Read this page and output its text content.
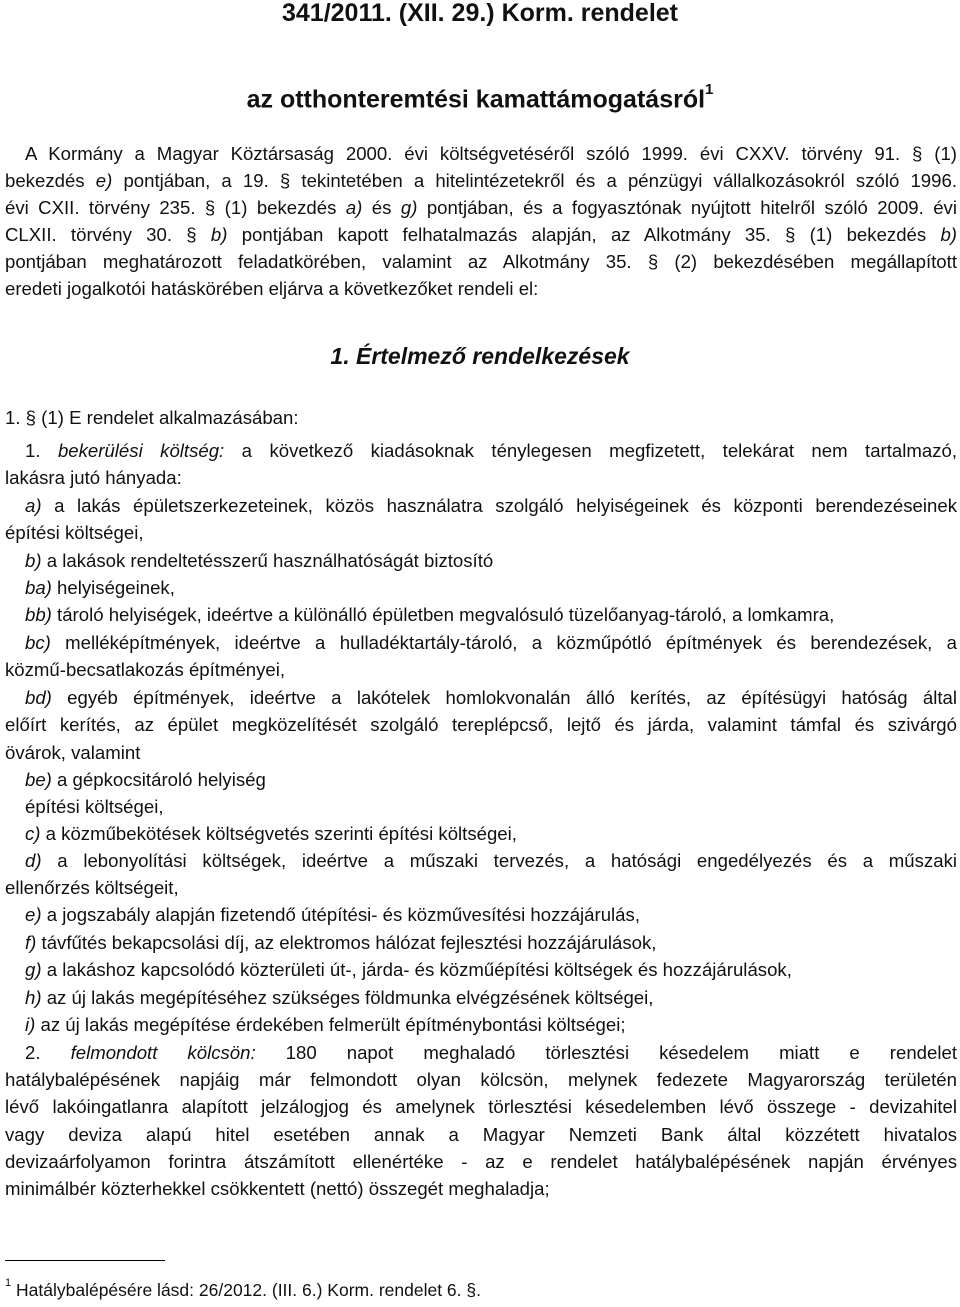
341/2011. (XII. 29.) Korm. rendelet
az otthonteremtési kamattámogatásról$^1$
A Kormány a Magyar Köztársaság 2000. évi költségvetéséről szóló 1999. évi CXXV. törvény 91. § (1)
bekezdés e) pontjában, a 19. § tekintetében a hitelintézetekről és a pénzügyi vállalkozásokról szóló 1996.
évi CXII. törvény 235. § (1) bekezdés a) és g) pontjában, és a fogyasztónak nyújtott hitelről szóló 2009. évi
CLXII. törvény 30. § b) pontjában kapott felhatalmazás alapján, az Alkotmány 35. § (1) bekezdés b)
pontjában meghatározott feladatkörében, valamint az Alkotmány 35. § (2) bekezdésében megállapított
eredeti jogalkotói hatáskörében eljárva a következőket rendeli el:
1. Értelmező rendelkezések
1. § (1) E rendelet alkalmazásában:
1. bekerülési költség: a következő kiadásoknak ténylegesen megfizetett, telekárat nem tartalmazó,
lakásra jutó hányada:
a) a lakás épületszerkezeteinek, közös használatra szolgáló helyiségeinek és központi berendezéseinek
építési költségei,
b) a lakások rendeltetésszerű használhatóságát biztosító
ba) helyiségeinek,
bb) tároló helyiségek, ideértve a különálló épületben megvalósuló tüzelőanyag-tároló, a lomkamra,
bc) melléképítmények, ideértve a hulladéktartály-tároló, a közműpótló építmények és berendezések, a
közmű-becsatlakozás építményei,
bd) egyéb építmények, ideértve a lakótelek homlokvonalán álló kerítés, az építésügyi hatóság által
előírt kerítés, az épület megközelítését szolgáló tereplépcső, lejtő és járda, valamint támfal és szivárgó
övárok, valamint
be) a gépkocsitároló helyiség
építési költségei,
c) a közműbekötések költségvetés szerinti építési költségei,
d) a lebonyolítási költségek, ideértve a műszaki tervezés, a hatósági engedélyezés és a műszaki
ellenőrzés költségeit,
e) a jogszabály alapján fizetendő útépítési- és közművesítési hozzájárulás,
f) távfűtés bekapcsolási díj, az elektromos hálózat fejlesztési hozzájárulások,
g) a lakáshoz kapcsolódó közterületi út-, járda- és közműépítési költségek és hozzájárulások,
h) az új lakás megépítéséhez szükséges földmunka elvégzésének költségei,
i) az új lakás megépítése érdekében felmerült építménybontási költségei;
2. felmondott kölcsön: 180 napot meghaladó törlesztési késedelem miatt e rendelet
hatálybalépésének napjáig már felmondott olyan kölcsön, melynek fedezete Magyarország területén
lévő lakóingatlanra alapított jelzálogjog és amelynek törlesztési késedelemben lévő összege - devizahitel
vagy deviza alapú hitel esetében annak a Magyar Nemzeti Bank által közzétett hivatalos
devizaárfolyamon forintra átszámított ellenértéke - az e rendelet hatálybalépésének napján érvényes
minimálbér közterhekkel csökkentett (nettó) összegét meghaladja;
$^1$ Hatálybalépésére lásd: 26/2012. (III. 6.) Korm. rendelet 6. §.
